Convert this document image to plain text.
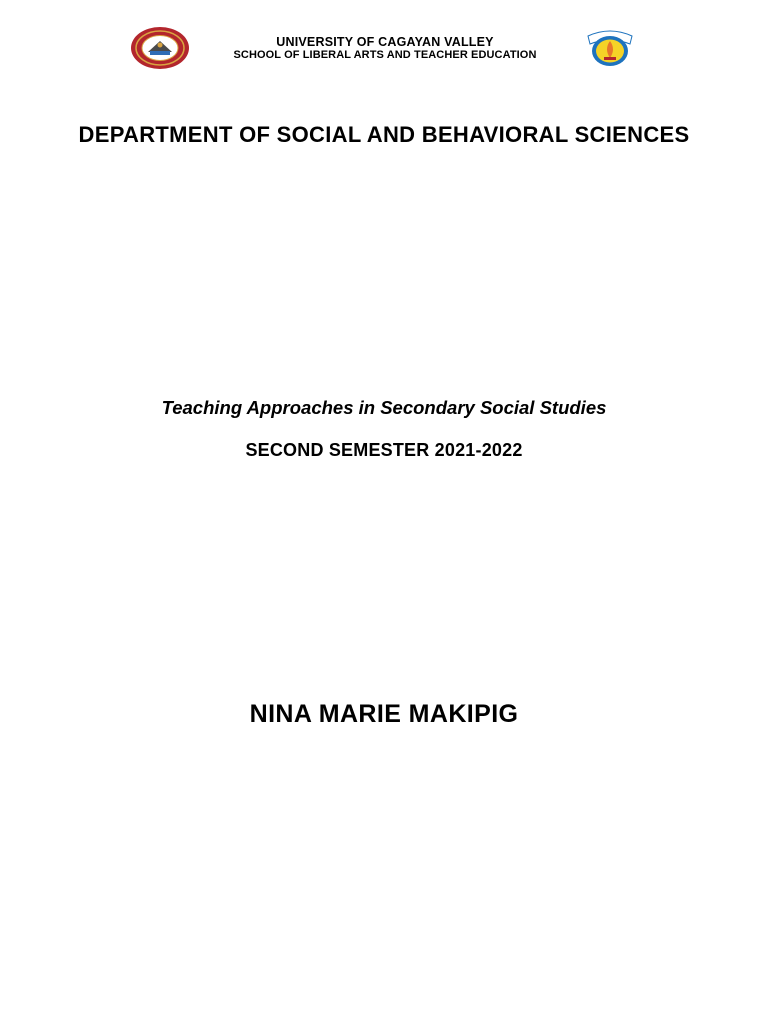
UNIVERSITY OF CAGAYAN VALLEY
SCHOOL OF LIBERAL ARTS AND TEACHER EDUCATION
DEPARTMENT OF SOCIAL AND BEHAVIORAL SCIENCES
Teaching Approaches in Secondary Social Studies
SECOND SEMESTER 2021-2022
NINA MARIE MAKIPIG
